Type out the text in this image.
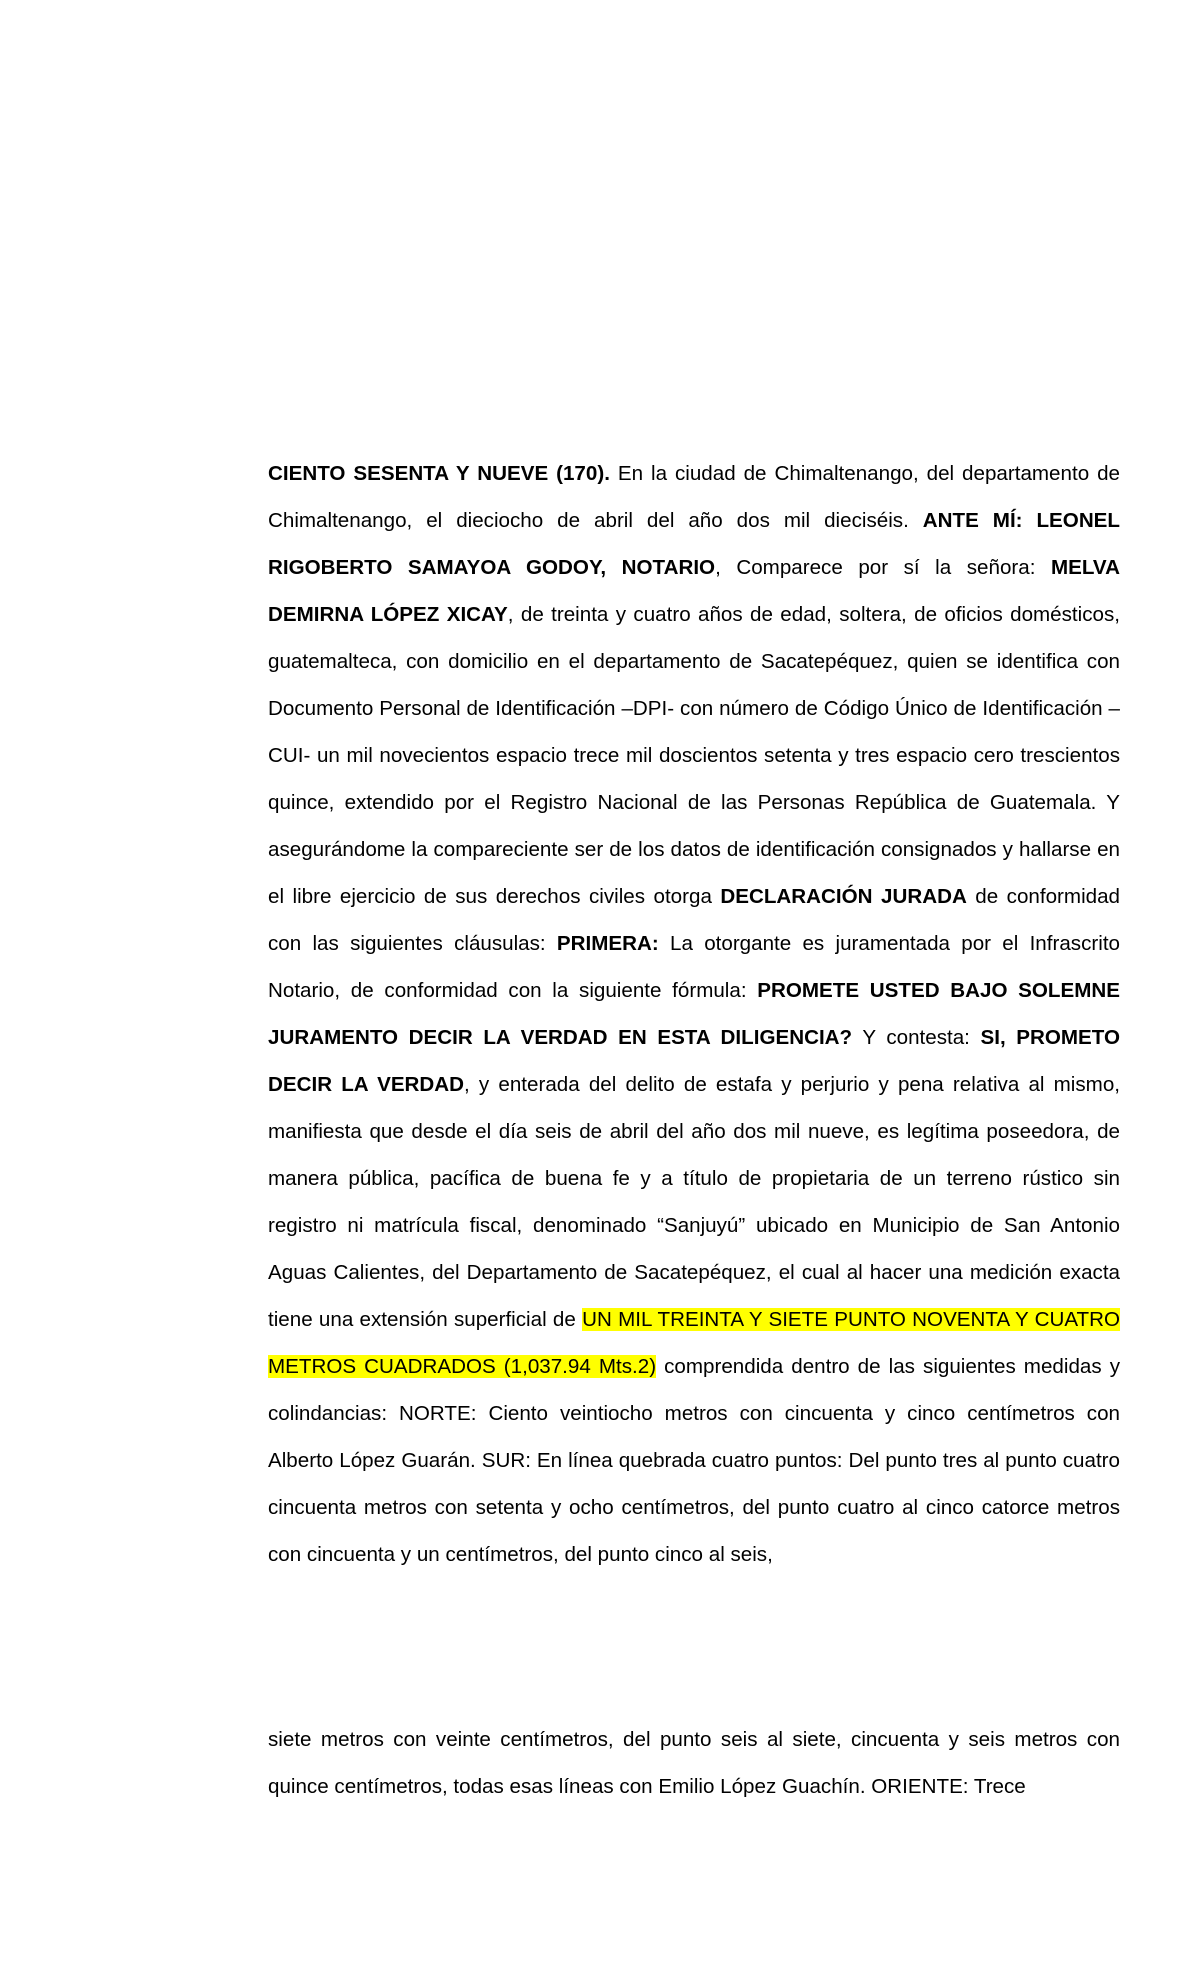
CIENTO SESENTA Y NUEVE (170). En la ciudad de Chimaltenango, del departamento de Chimaltenango, el dieciocho de abril del año dos mil dieciséis. ANTE MÍ: LEONEL RIGOBERTO SAMAYOA GODOY, NOTARIO, Comparece por sí la señora: MELVA DEMIRNA LÓPEZ XICAY, de treinta y cuatro años de edad, soltera, de oficios domésticos, guatemalteca, con domicilio en el departamento de Sacatepéquez, quien se identifica con Documento Personal de Identificación –DPI- con número de Código Único de Identificación –CUI- un mil novecientos espacio trece mil doscientos setenta y tres espacio cero trescientos quince, extendido por el Registro Nacional de las Personas República de Guatemala. Y asegurándome la compareciente ser de los datos de identificación consignados y hallarse en el libre ejercicio de sus derechos civiles otorga DECLARACIÓN JURADA de conformidad con las siguientes cláusulas: PRIMERA: La otorgante es juramentada por el Infrascrito Notario, de conformidad con la siguiente fórmula: PROMETE USTED BAJO SOLEMNE JURAMENTO DECIR LA VERDAD EN ESTA DILIGENCIA? Y contesta: SI, PROMETO DECIR LA VERDAD, y enterada del delito de estafa y perjurio y pena relativa al mismo, manifiesta que desde el día seis de abril del año dos mil nueve, es legítima poseedora, de manera pública, pacífica de buena fe y a título de propietaria de un terreno rústico sin registro ni matrícula fiscal, denominado “Sanjuyú” ubicado en Municipio de San Antonio Aguas Calientes, del Departamento de Sacatepéquez, el cual al hacer una medición exacta tiene una extensión superficial de UN MIL TREINTA Y SIETE PUNTO NOVENTA Y CUATRO METROS CUADRADOS (1,037.94 Mts.2) comprendida dentro de las siguientes medidas y colindancias: NORTE: Ciento veintiocho metros con cincuenta y cinco centímetros con Alberto López Guarán. SUR: En línea quebrada cuatro puntos: Del punto tres al punto cuatro cincuenta metros con setenta y ocho centímetros, del punto cuatro al cinco catorce metros con cincuenta y un centímetros, del punto cinco al seis,

siete metros con veinte centímetros, del punto seis al siete, cincuenta y seis metros con quince centímetros, todas esas líneas con Emilio López Guachín. ORIENTE: Trece
